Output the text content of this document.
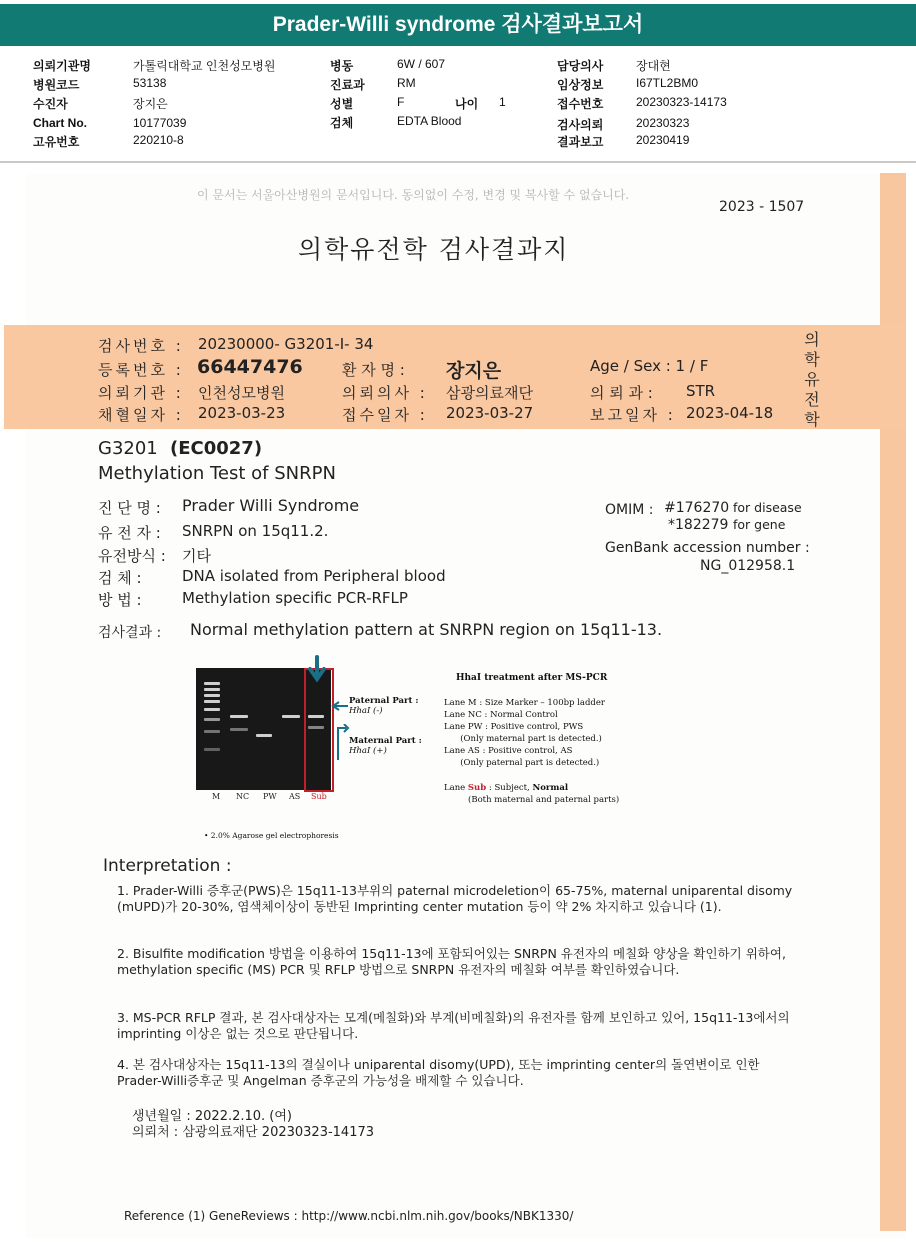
Prader-Willi syndrome 검사결과보고서
의뢰기관명	가톨릭대학교 인천성모병원
병원코드	53138
수진자	장지은
Chart No.	10177039
고유번호	220210-8
병동	6W / 607
진료과	RM
성별	F	나이 1
검체	EDTA Blood
담당의사	장대현
임상정보	I67TL2BM0
접수번호	20230323-14173
검사의뢰	20230323
결과보고	20230419
의학유전학
이 문서는 서울아산병원의 문서입니다. 동의없이 수정, 변경 및 복사할 수 없습니다.
2023 - 1507
의학유전학 검사결과지
검사번호 : 20230000- G3201-I- 34
등록번호 : 66447476	환 자 명 : 장지은	Age / Sex : 1 / F
의뢰기관 : 인천성모병원	의뢰의사 : 삼광의료재단	의 뢰 과 : STR
채혈일자 : 2023-03-23	접수일자 : 2023-03-27	보고일자 : 2023-04-18
G3201 (EC0027)
Methylation Test of SNRPN
진 단 명 : Prader Willi Syndrome
유 전 자 : SNRPN on 15q11.2.
유전방식 : 기타
검 체 :	DNA isolated from Peripheral blood
방 법 :	Methylation specific PCR-RFLP
OMIM : #176270 for disease
*182279 for gene
GenBank accession number :
NG_012958.1
검사결과 : Normal methylation pattern at SNRPN region on 15q11-13.
Paternal Part :
HhaI (-)
Maternal Part :
HhaI (+)
M NC PW AS Sub
• 2.0% Agarose gel electrophoresis
HhaI treatment after MS-PCR
Lane M : Size Marker – 100bp ladder
Lane NC : Normal Control
Lane PW : Positive control, PWS
(Only maternal part is detected.)
Lane AS : Positive control, AS
(Only paternal part is detected.)
Lane Sub : Subject, Normal
(Both maternal and paternal parts)
Interpretation :
1. Prader-Willi 증후군(PWS)은 15q11-13부위의 paternal microdeletion이 65-75%, maternal uniparental disomy (mUPD)가 20-30%, 염색체이상이 동반된 Imprinting center mutation 등이 약 2% 차지하고 있습니다 (1).
2. Bisulfite modification 방법을 이용하여 15q11-13에 포함되어있는 SNRPN 유전자의 메칠화 양상을 확인하기 위하여, methylation specific (MS) PCR 및 RFLP 방법으로 SNRPN 유전자의 메칠화 여부를 확인하였습니다.
3. MS-PCR RFLP 결과, 본 검사대상자는 모계(메칠화)와 부계(비메칠화)의 유전자를 함께 보인하고 있어, 15q11-13에서의 imprinting 이상은 없는 것으로 판단됩니다.
4. 본 검사대상자는 15q11-13의 결실이나 uniparental disomy(UPD), 또는 imprinting center의 돌연변이로 인한 Prader-Willi증후군 및 Angelman 증후군의 가능성을 배제할 수 있습니다.
생년월일 : 2022.2.10. (여)
의뢰처 : 삼광의료재단 20230323-14173
Reference (1) GeneReviews : http://www.ncbi.nlm.nih.gov/books/NBK1330/
